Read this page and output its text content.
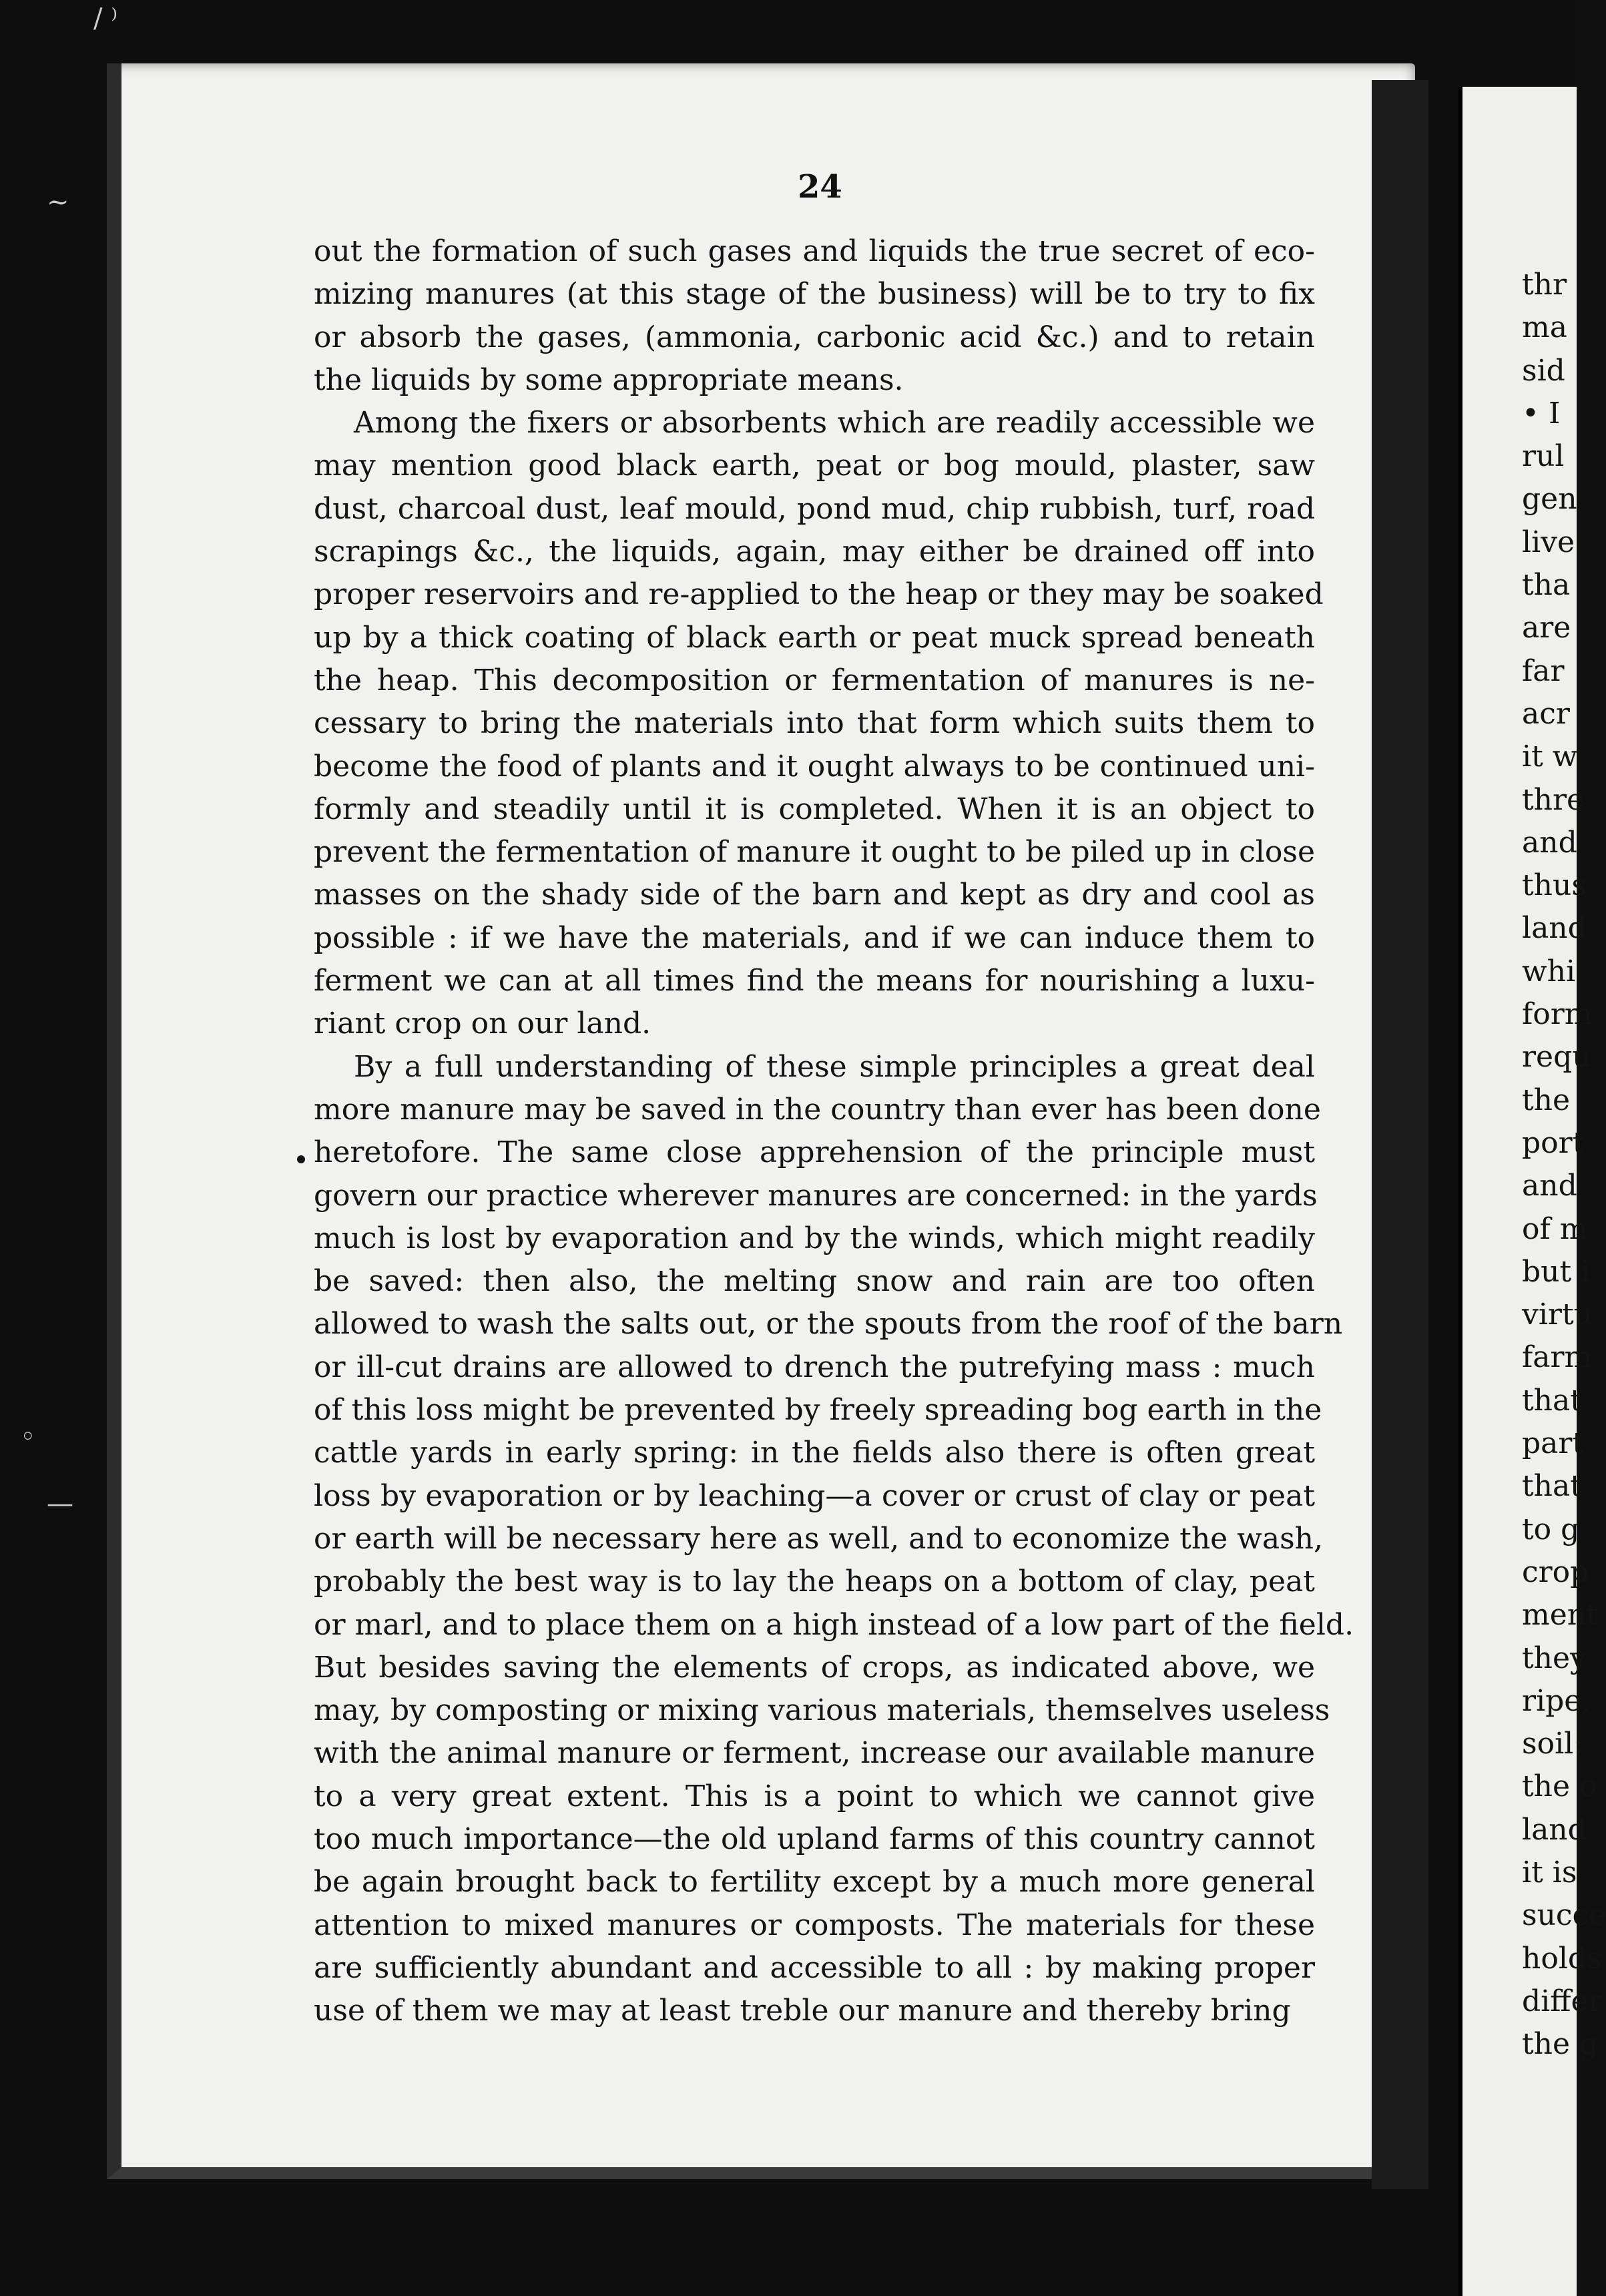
/ ⁾
~
◦
—
24
out the formation of such gases and liquids the true secret of eco-
mizing manures (at this stage of the business) will be to try to fix
or absorb the gases, (ammonia, carbonic acid &c.) and to retain
the liquids by some appropriate means.
Among the fixers or absorbents which are readily accessible we
may mention good black earth, peat or bog mould, plaster, saw
dust, charcoal dust, leaf mould, pond mud, chip rubbish, turf, road
scrapings &c., the liquids, again, may either be drained off into
proper reservoirs and re-applied to the heap or they may be soaked
up by a thick coating of black earth or peat muck spread beneath
the heap. This decomposition or fermentation of manures is ne-
cessary to bring the materials into that form which suits them to
become the food of plants and it ought always to be continued uni-
formly and steadily until it is completed. When it is an object to
prevent the fermentation of manure it ought to be piled up in close
masses on the shady side of the barn and kept as dry and cool as
possible : if we have the materials, and if we can induce them to
ferment we can at all times find the means for nourishing a luxu-
riant crop on our land.
By a full understanding of these simple principles a great deal
more manure may be saved in the country than ever has been done
heretofore. The same close apprehension of the principle must
govern our practice wherever manures are concerned: in the yards
much is lost by evaporation and by the winds, which might readily
be saved: then also, the melting snow and rain are too often
allowed to wash the salts out, or the spouts from the roof of the barn
or ill-cut drains are allowed to drench the putrefying mass : much
of this loss might be prevented by freely spreading bog earth in the
cattle yards in early spring: in the fields also there is often great
loss by evaporation or by leaching—a cover or crust of clay or peat
or earth will be necessary here as well, and to economize the wash,
probably the best way is to lay the heaps on a bottom of clay, peat
or marl, and to place them on a high instead of a low part of the field.
But besides saving the elements of crops, as indicated above, we
may, by composting or mixing various materials, themselves useless
with the animal manure or ferment, increase our available manure
to a very great extent. This is a point to which we cannot give
too much importance—the old upland farms of this country cannot
be again brought back to fertility except by a much more general
attention to mixed manures or composts. The materials for these
are sufficiently abundant and accessible to all : by making proper
use of them we may at least treble our manure and thereby bring
thr
ma
sid
• I
rul
gen
live
tha
are
far
acr
it w
thre
and
thus
land
whi
form
requ
the
port
and
of m
but i
virtu
farm
that
part
that
to g
crop
ment
they
ripe,
soil:
the o
land
it is
succe
holds
differ
the g
